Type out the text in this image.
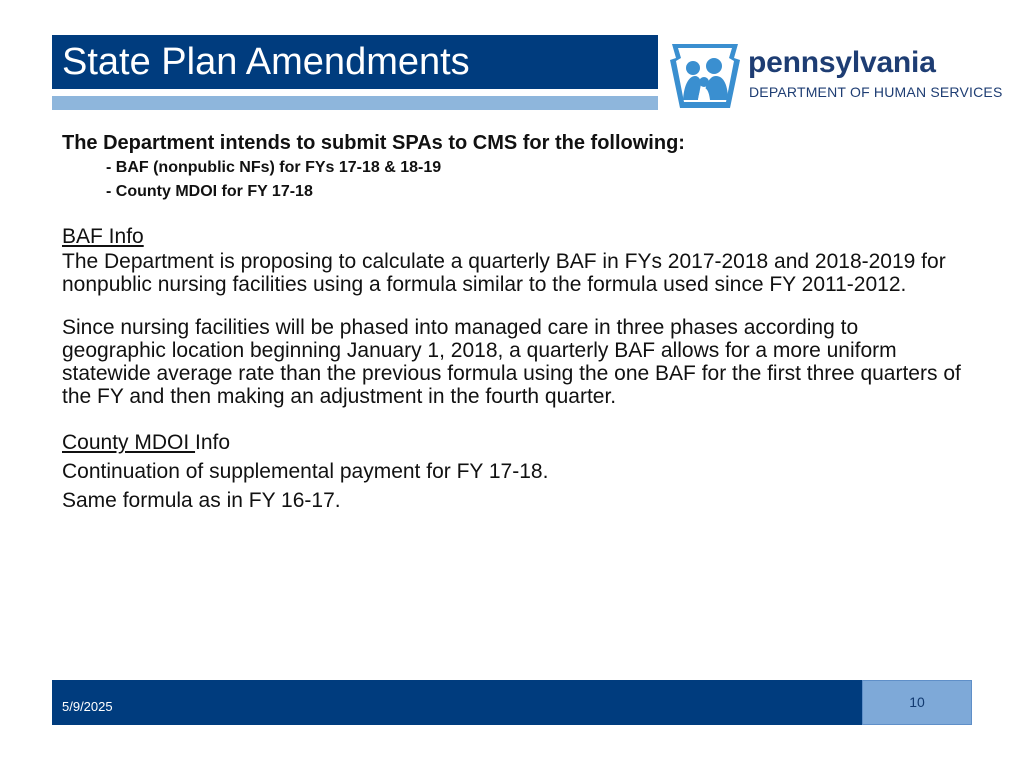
State Plan Amendments	pennsylvania
DEPARTMENT OF HUMAN SERVICES

The Department intends to submit SPAs to CMS for the following:

- BAF (nonpublic NFs) for FYs 17-18 & 18-19

- County MDOI for FY 17-18

BAF Info

The Department is proposing to calculate a quarterly BAF in FYs 2017-2018 and 2018-2019 for nonpublic nursing facilities using a formula similar to the formula used since FY 2011-2012.

Since nursing facilities will be phased into managed care in three phases according to geographic location beginning January 1, 2018, a quarterly BAF allows for a more uniform statewide average rate than the previous formula using the one BAF for the first three quarters of the FY and then making an adjustment in the fourth quarter.

County MDOI Info

Continuation of supplemental payment for FY 17-18.

Same formula as in FY 16-17.

5/9/2025	10
